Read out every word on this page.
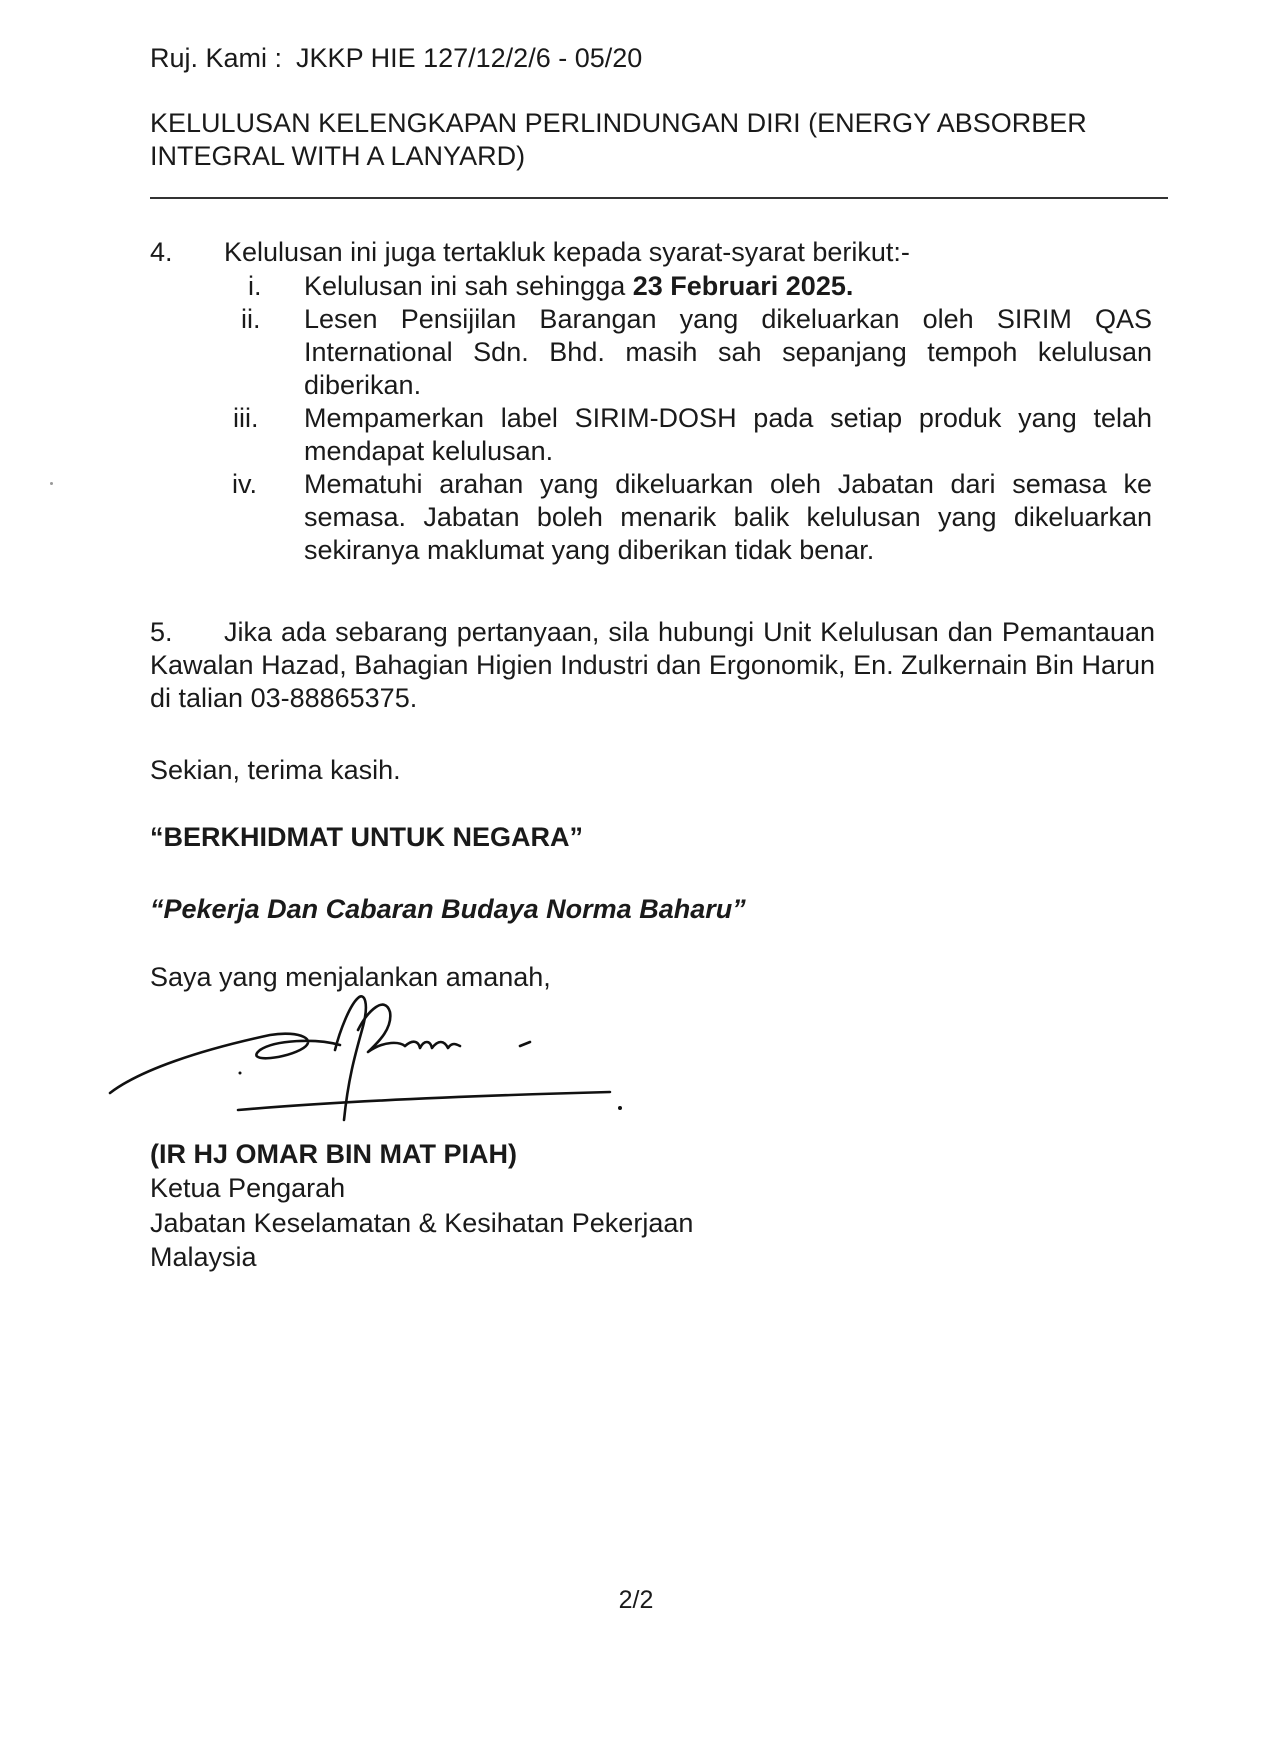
Ruj. Kami : JKKP HIE 127/12/2/6 - 05/20
KELULUSAN KELENGKAPAN PERLINDUNGAN DIRI (ENERGY ABSORBER INTEGRAL WITH A LANYARD)
4. Kelulusan ini juga tertakluk kepada syarat-syarat berikut:-
i.	Kelulusan ini sah sehingga 23 Februari 2025.
ii.	Lesen Pensijilan Barangan yang dikeluarkan oleh SIRIM QAS International Sdn. Bhd. masih sah sepanjang tempoh kelulusan diberikan.
iii.	Mempamerkan label SIRIM-DOSH pada setiap produk yang telah mendapat kelulusan.
iv.	Mematuhi arahan yang dikeluarkan oleh Jabatan dari semasa ke semasa. Jabatan boleh menarik balik kelulusan yang dikeluarkan sekiranya maklumat yang diberikan tidak benar.
5. Jika ada sebarang pertanyaan, sila hubungi Unit Kelulusan dan Pemantauan Kawalan Hazad, Bahagian Higien Industri dan Ergonomik, En. Zulkernain Bin Harun di talian 03-88865375.
Sekian, terima kasih.
“BERKHIDMAT UNTUK NEGARA”
“Pekerja Dan Cabaran Budaya Norma Baharu”
Saya yang menjalankan amanah,
(IR HJ OMAR BIN MAT PIAH)
Ketua Pengarah
Jabatan Keselamatan & Kesihatan Pekerjaan
Malaysia
2/2
